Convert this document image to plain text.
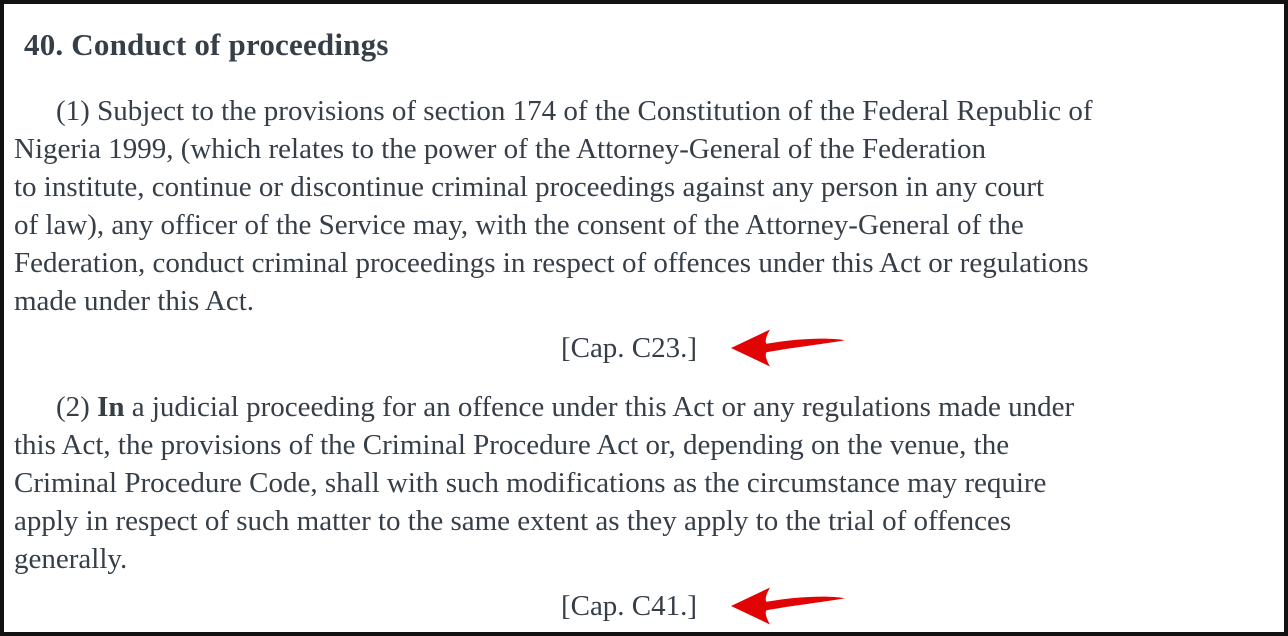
40. Conduct of proceedings
(1) Subject to the provisions of section 174 of the Constitution of the Federal Republic of
Nigeria 1999, (which relates to the power of the Attorney-General of the Federation
to institute, continue or discontinue criminal proceedings against any person in any court
of law), any officer of the Service may, with the consent of the Attorney-General of the
Federation, conduct criminal proceedings in respect of offences under this Act or regulations
made under this Act.
[Cap. C23.]
(2) In a judicial proceeding for an offence under this Act or any regulations made under
this Act, the provisions of the Criminal Procedure Act or, depending on the venue, the
Criminal Procedure Code, shall with such modifications as the circumstance may require
apply in respect of such matter to the same extent as they apply to the trial of offences
generally.
[Cap. C41.]
